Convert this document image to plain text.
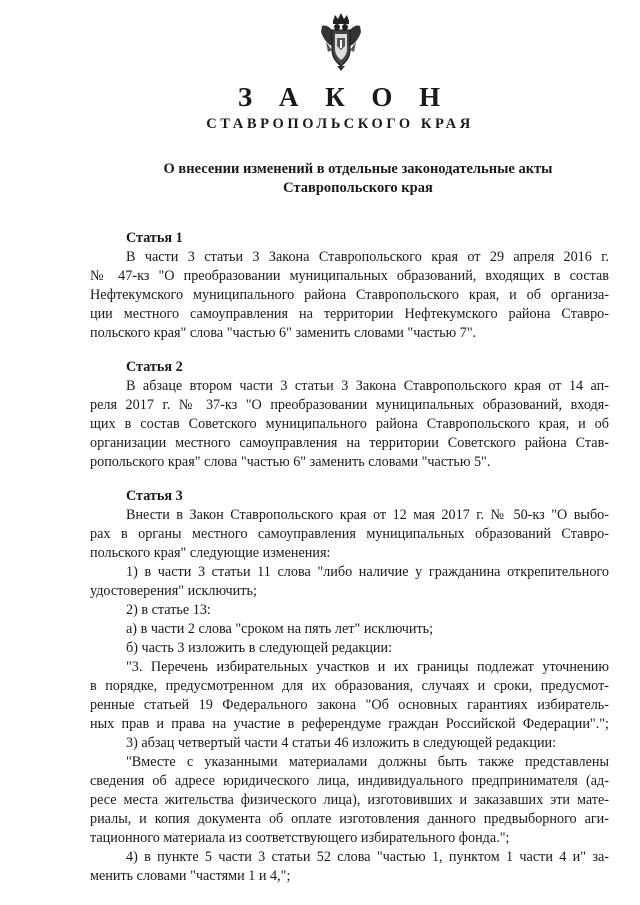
З А К О Н
СТАВРОПОЛЬСКОГО КРАЯ
О внесении изменений в отдельные законодательные акты
Ставропольского края
Статья 1
В части 3 статьи 3 Закона Ставропольского края от 29 апреля 2016 г.
№ 47-кз "О преобразовании муниципальных образований, входящих в состав
Нефтекумского муниципального района Ставропольского края, и об организа-
ции местного самоуправления на территории Нефтекумского района Ставро-
польского края" слова "частью 6" заменить словами "частью 7".
Статья 2
В абзаце втором части 3 статьи 3 Закона Ставропольского края от 14 ап-
реля 2017 г. № 37-кз "О преобразовании муниципальных образований, входя-
щих в состав Советского муниципального района Ставропольского края, и об
организации местного самоуправления на территории Советского района Став-
ропольского края" слова "частью 6" заменить словами "частью 5".
Статья 3
Внести в Закон Ставропольского края от 12 мая 2017 г. № 50-кз "О выбо-
рах в органы местного самоуправления муниципальных образований Ставро-
польского края" следующие изменения:
1) в части 3 статьи 11 слова "либо наличие у гражданина открепительного
удостоверения" исключить;
2) в статье 13:
а) в части 2 слова "сроком на пять лет" исключить;
б) часть 3 изложить в следующей редакции:
"3. Перечень избирательных участков и их границы подлежат уточнению
в порядке, предусмотренном для их образования, случаях и сроки, предусмот-
ренные статьей 19 Федерального закона "Об основных гарантиях избиратель-
ных прав и права на участие в референдуме граждан Российской Федерации".";
3) абзац четвертый части 4 статьи 46 изложить в следующей редакции:
"Вместе с указанными материалами должны быть также представлены
сведения об адресе юридического лица, индивидуального предпринимателя (ад-
ресе места жительства физического лица), изготовивших и заказавших эти мате-
риалы, и копия документа об оплате изготовления данного предвыборного аги-
тационного материала из соответствующего избирательного фонда.";
4) в пункте 5 части 3 статьи 52 слова "частью 1, пунктом 1 части 4 и" за-
менить словами "частями 1 и 4,";
